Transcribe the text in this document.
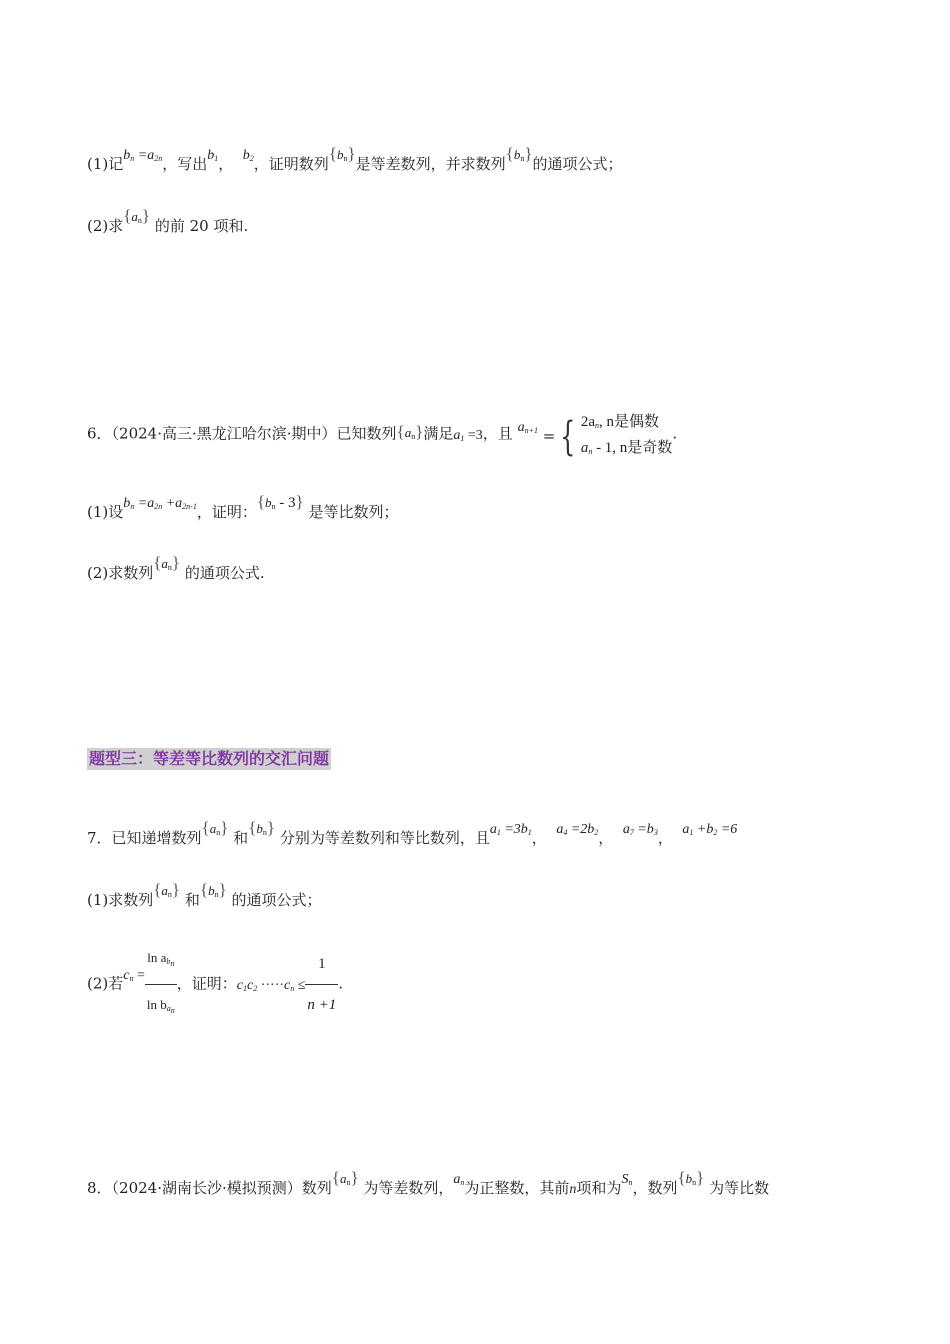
(1)记$b_n =a_{2n}$，写出$b_1$， $b_2$，证明数列$\{b_n\}$是等差数列，并求数列$\{b_n\}$的通项公式；
(2)求$\{a_n\}$ 的前 20 项和.
6．（2024·高三·黑龙江哈尔滨·期中）已知数列$\{a_n\}$满足$a_1 =3$，且 $a_{n+1}$ = { $2a_n$, n是偶数
$a_n - 1$, n是奇数
.
(1)设$b_n =a_{2n} +a_{2n-1}$，证明：$\{b_n - 3\}$ 是等比数列；
(2)求数列$\{a_n\}$ 的通项公式.
题型三：等差等比数列的交汇问题
7．已知递增数列$\{a_n\}$ 和$\{b_n\}$ 分别为等差数列和等比数列，且$a_1 =3b_1$， $a_4 =2b_2$， $a_7 =b_3$， $a_1 +b_2 =6$
(1)求数列$\{a_n\}$ 和$\{b_n\}$ 的通项公式；
(2)若$c_n = \frac{\ln a_{b_n}}{\ln b_{a_n}}$ ，证明：$c_1c_2 \cdot\cdot\cdot\cdot\cdot c_n \le \frac{1}{n +1}$ .
8．（2024·湖南长沙·模拟预测）数列$\{a_n\}$ 为等差数列，$a_n$为正整数，其前n项和为$S_n$，数列$\{b_n\}$ 为等比数
